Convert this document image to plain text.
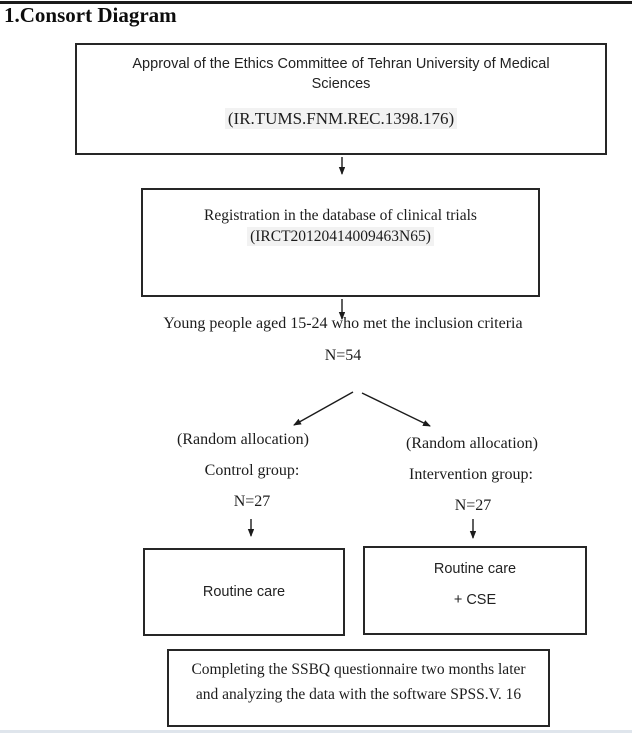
1.Consort Diagram
Approval of the Ethics Committee of Tehran University of Medical
Sciences
(IR.TUMS.FNM.REC.1398.176)
Registration in the database of clinical trials
(IRCT20120414009463N65)
Young people aged 15-24 who met the inclusion criteria
N=54
(Random allocation)
Control group:
N=27
(Random allocation)
Intervention group:
N=27
Routine care
Routine care
+ CSE
Completing the SSBQ questionnaire two months later
and analyzing the data with the software SPSS.V. 16
